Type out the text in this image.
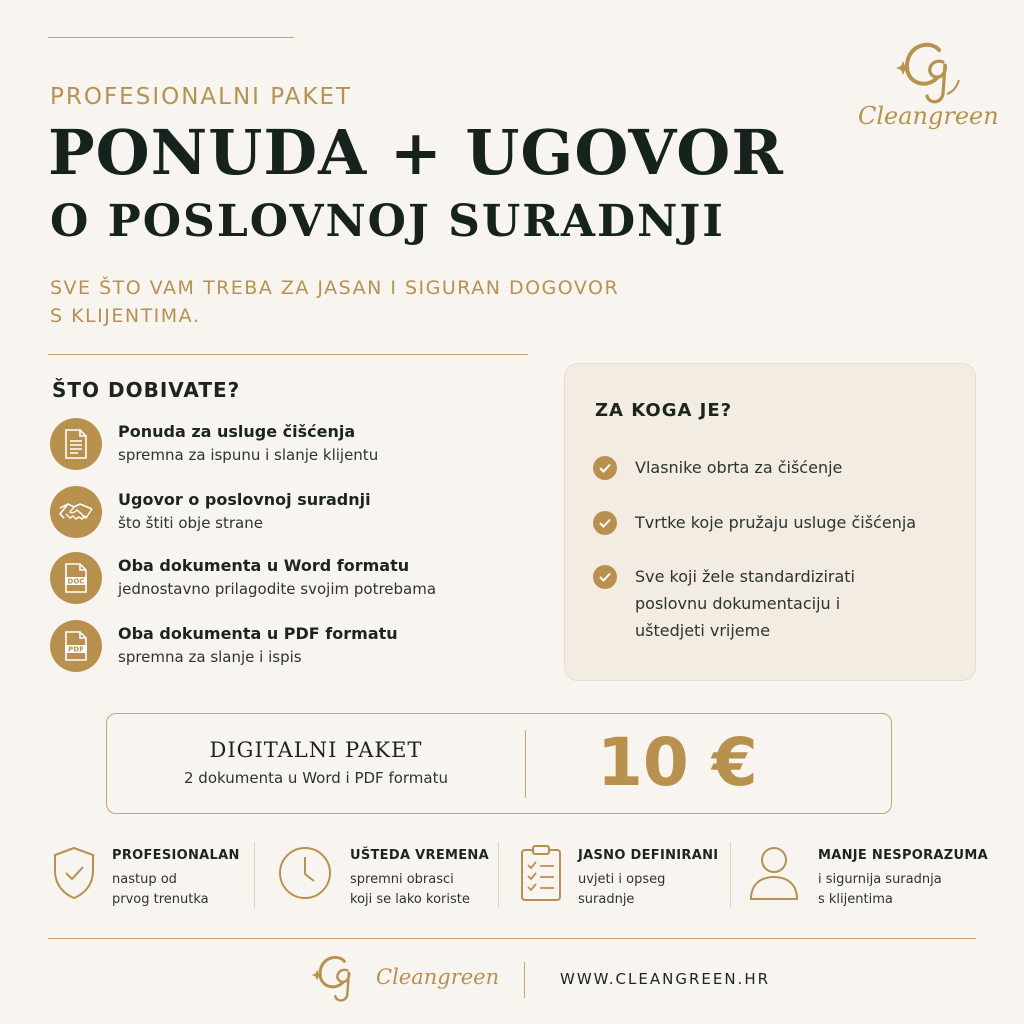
PROFESIONALNI PAKET
PONUDA + UGOVOR
O POSLOVNOJ SURADNJI
SVE ŠTO VAM TREBA ZA JASAN I SIGURAN DOGOVOR
S KLIJENTIMA.
Cleangreen
ŠTO DOBIVATE?
Ponuda za usluge čišćenja
spremna za ispunu i slanje klijentu
Ugovor o poslovnoj suradnji
što štiti obje strane
DOC
Oba dokumenta u Word formatu
jednostavno prilagodite svojim potrebama
PDF
Oba dokumenta u PDF formatu
spremna za slanje i ispis
ZA KOGA JE?
Vlasnike obrta za čišćenje
Tvrtke koje pružaju usluge čišćenja
Sve koji žele standardizirati poslovnu dokumentaciju i uštedjeti vrijeme
DIGITALNI PAKET
2 dokumenta u Word i PDF formatu	10 €
PROFESIONALAN
nastup od
prvog trenutka
UŠTEDA VREMENA
spremni obrasci
koji se lako koriste
JASNO DEFINIRANI
uvjeti i opseg
suradnje
MANJE NESPORAZUMA
i sigurnija suradnja
s klijentima
Cleangreen	WWW.CLEANGREEN.HR
